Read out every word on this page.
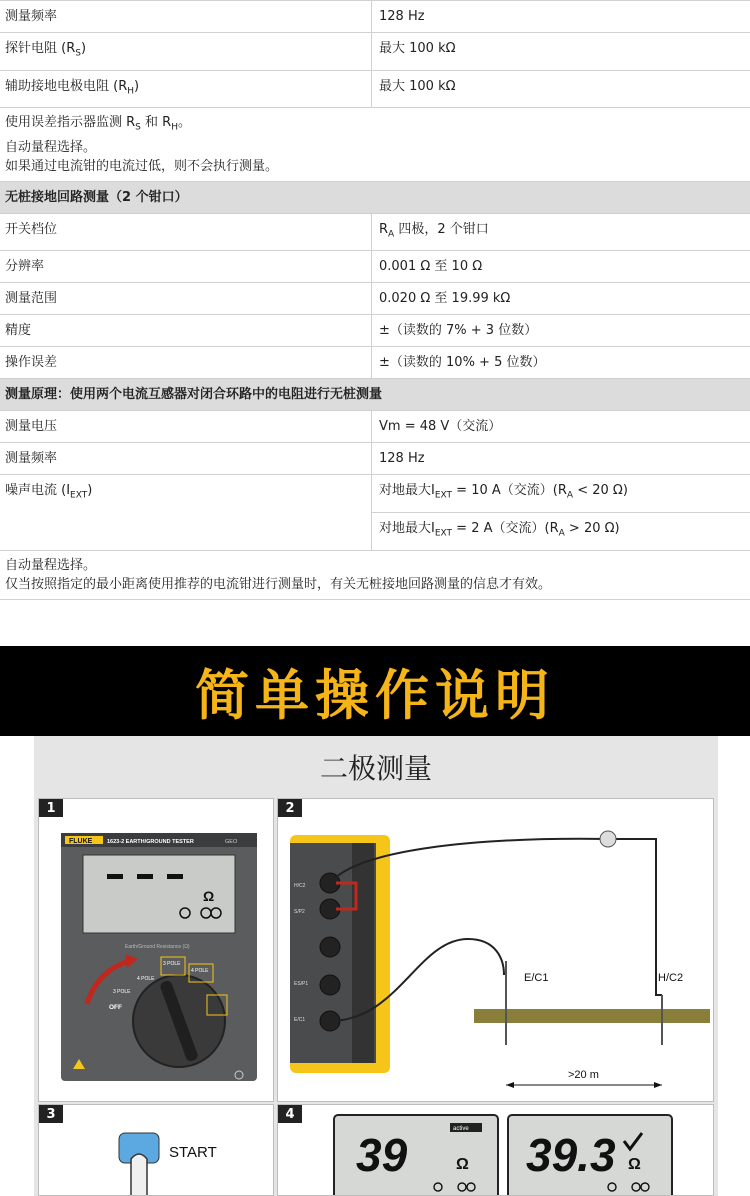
测量频率	128 Hz
探针电阻 $(R_S)$	最大 100 kΩ
辅助接地电极电阻 $(R_H)$	最大 100 kΩ
使用误差指示器监测 $R_S$ 和 $R_H$。
自动量程选择。
如果通过电流钳的电流过低，则不会执行测量。
无桩接地回路测量（2 个钳口）
开关档位	$R_A$ 四极，2 个钳口
分辨率	0.001 Ω 至 10 Ω
测量范围	0.020 Ω 至 19.99 kΩ
精度	±（读数的 7% + 3 位数）
操作误差	±（读数的 10% + 5 位数）
测量原理：使用两个电流互感器对闭合环路中的电阻进行无桩测量
测量电压	Vm = 48 V（交流）
测量频率	128 Hz
噪声电流 $(I_{EXT})$	对地最大$I_{EXT} = 10$ A（交流）($R_A < 20$ Ω)
对地最大$I_{EXT} = 2$ A（交流）($R_A > 20$ Ω)
自动量程选择。
仅当按照指定的最小距离使用推荐的电流钳进行测量时，有关无桩接地回路测量的信息才有效。
简单操作说明
二极测量
1
FLUKE	1623-2 EARTH/GROUND TESTER	GEO
Ω
Earth/Ground Resistance (Ω)
OFF
3 POLE
4 POLE
3 POLE
4 POLE
2
H/C2
S/P2
ES/P1
E/C1
E/C1	H/C2
>20 m
3
START
4
39	active
Ω 39.3 Ω
